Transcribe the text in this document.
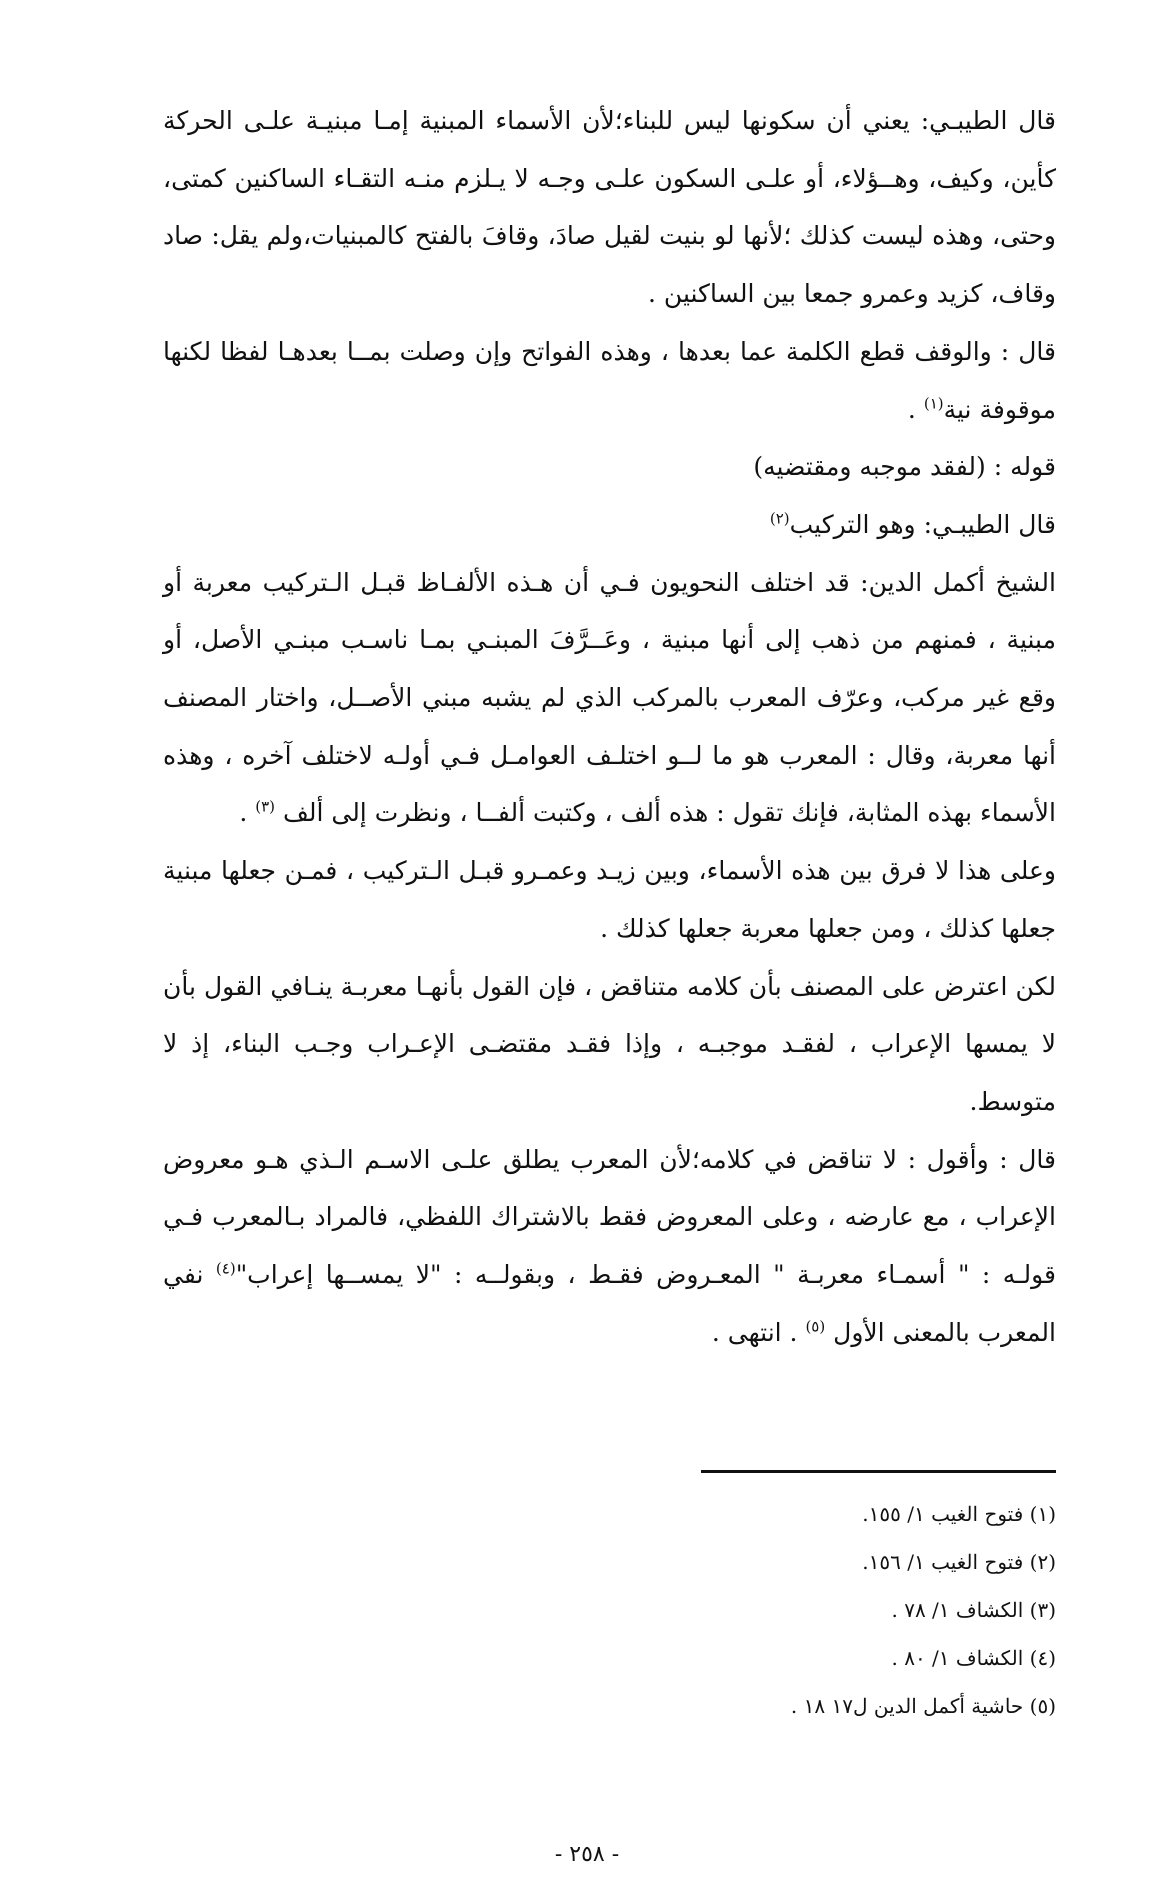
قال الطيبـي: يعني أن سكونها ليس للبناء؛لأن الأسماء المبنية إمـا مبنيـة علـى الحركة كأين، وكيف، وهــؤلاء، أو علـى السكون علـى وجـه لا يـلزم منـه التقـاء الساكنين كمتى، وحتى، وهذه ليست كذلك ؛لأنها لو بنيت لقيل صادَ، وقافَ بالفتح كالمبنيات،ولم يقل: صاد وقاف، كزيد وعمرو جمعا بين الساكنين .

قال : والوقف قطع الكلمة عما بعدها ، وهذه الفواتح وإن وصلت بمــا بعدهـا لفظا لكنها موقوفة نية$^{(١)}$ .

قوله : (لفقد موجبه ومقتضيه)

قال الطيبـي: وهو التركيب$^{(٢)}$

الشيخ أكمل الدين: قد اختلف النحويون فـي أن هـذه الألفـاظ قبـل الـتركيب معربة أو مبنية ، فمنهم من ذهب إلى أنها مبنية ، وعَــرَّفَ المبنـي بمـا ناسـب مبنـي الأصل، أو وقع غير مركب، وعرّف المعرب بالمركب الذي لم يشبه مبني الأصــل، واختار المصنف أنها معربة، وقال : المعرب هو ما لــو اختلـف العوامـل فـي أولـه لاختلف آخره ، وهذه الأسماء بهذه المثابة، فإنك تقول : هذه ألف ، وكتبت ألفــا ، ونظرت إلى ألف $^{(٣)}$ .

وعلى هذا لا فرق بين هذه الأسماء، وبين زيـد وعمـرو قبـل الـتركيب ، فمـن جعلها مبنية جعلها كذلك ، ومن جعلها معربة جعلها كذلك .

لكن اعترض على المصنف بأن كلامه متناقض ، فإن القول بأنهـا معربـة ينـافي القول بأن لا يمسها الإعراب ، لفقـد موجبـه ، وإذا فقـد مقتضـى الإعـراب وجـب البناء، إذ لا متوسط.

قال : وأقول : لا تناقض في كلامه؛لأن المعرب يطلق علـى الاسـم الـذي هـو معروض الإعراب ، مع عارضه ، وعلى المعروض فقط بالاشتراك اللفظي، فالمراد بـالمعرب فـي قولـه : " أسمـاء معربـة " المعـروض فقـط ، وبقولــه : "لا يمســها إعراب"$^{(٤)}$ نفي المعرب بالمعنى الأول $^{(٥)}$ . انتهى .

(١) فتوح الغيب ١/ ١٥٥.
(٢) فتوح الغيب ١/ ١٥٦.
(٣) الكشاف ١/ ٧٨ .
(٤) الكشاف ١/ ٨٠ .
(٥) حاشية أكمل الدين ل١٧ ١٨ .
- ٢٥٨ -
